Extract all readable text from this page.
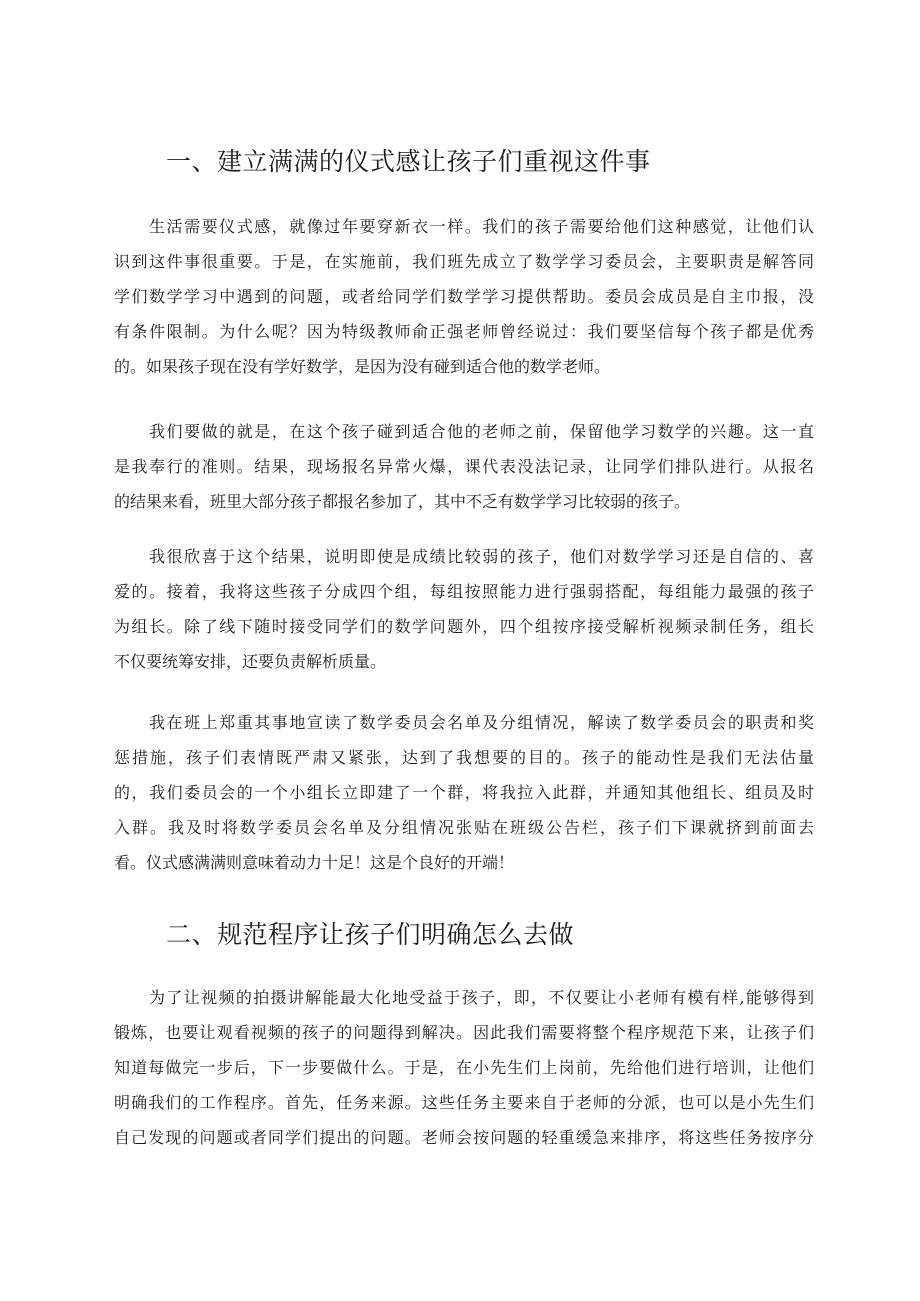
一、建立满满的仪式感让孩子们重视这件事
生活需要仪式感，就像过年要穿新衣一样。我们的孩子需要给他们这种感觉，让他们认
识到这件事很重要。于是，在实施前，我们班先成立了数学学习委员会，主要职责是解答同
学们数学学习中遇到的问题，或者给同学们数学学习提供帮助。委员会成员是自主巾报，没
有条件限制。为什么呢？因为特级教师俞正强老师曾经说过：我们要坚信每个孩子都是优秀
的。如果孩子现在没有学好数学，是因为没有碰到适合他的数学老师。
我们要做的就是，在这个孩子碰到适合他的老师之前，保留他学习数学的兴趣。这一直
是我奉行的准则。结果，现场报名异常火爆，课代表没法记录，让同学们排队进行。从报名
的结果来看，班里大部分孩子都报名参加了，其中不乏有数学学习比较弱的孩子。
我很欣喜于这个结果，说明即使是成绩比较弱的孩子，他们对数学学习还是自信的、喜
爱的。接着，我将这些孩子分成四个组，每组按照能力进行强弱搭配，每组能力最强的孩子
为组长。除了线下随时接受同学们的数学问题外，四个组按序接受解析视频录制任务，组长
不仅要统筹安排，还要负责解析质量。
我在班上郑重其事地宣读了数学委员会名单及分组情况，解读了数学委员会的职责和奖
惩措施，孩子们表情既严肃又紧张，达到了我想要的目的。孩子的能动性是我们无法估量
的，我们委员会的一个小组长立即建了一个群，将我拉入此群，并通知其他组长、组员及时
入群。我及时将数学委员会名单及分组情况张贴在班级公告栏，孩子们下课就挤到前面去
看。仪式感满满则意味着动力十足！这是个良好的开端！
二、规范程序让孩子们明确怎么去做
为了让视频的拍摄讲解能最大化地受益于孩子，即，不仅要让小老师有模有样,能够得到
锻炼，也要让观看视频的孩子的问题得到解决。因此我们需要将整个程序规范下来，让孩子们
知道每做完一步后，下一步要做什么。于是，在小先生们上岗前，先给他们进行培训，让他们
明确我们的工作程序。首先，任务来源。这些任务主要来自于老师的分派，也可以是小先生们
自己发现的问题或者同学们提出的问题。老师会按问题的轻重缓急来排序，将这些任务按序分
